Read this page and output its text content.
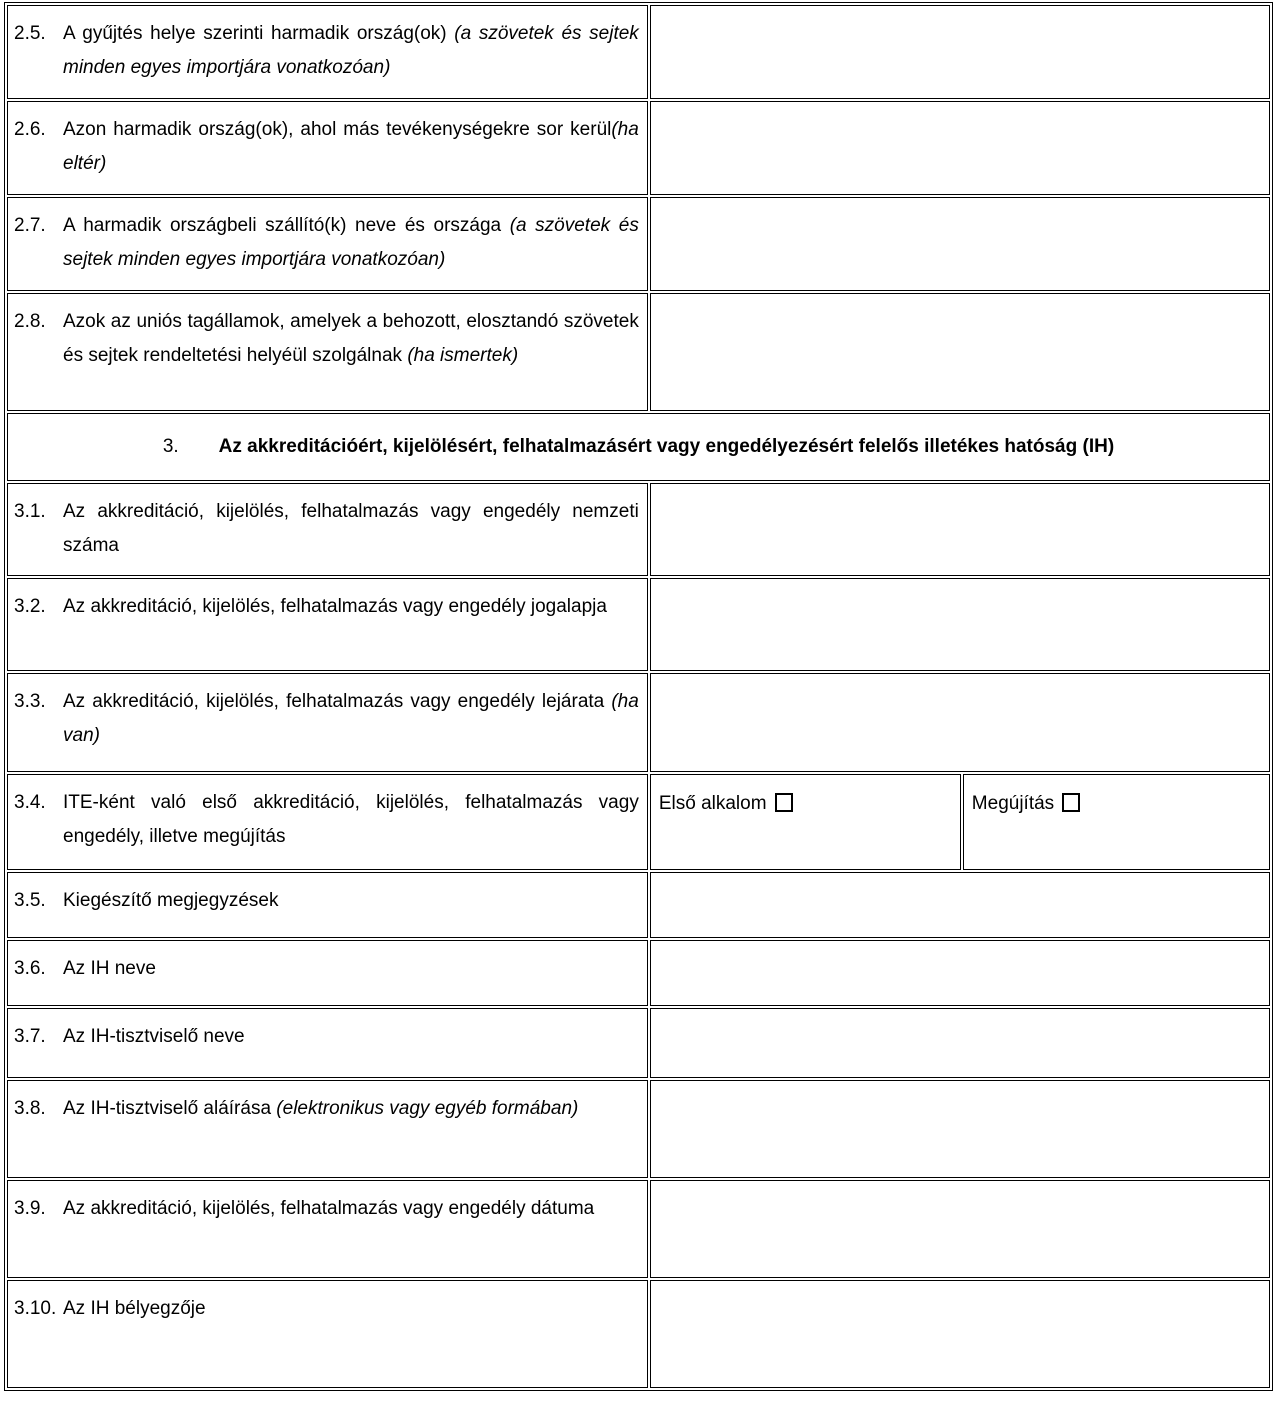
2.5. A gyűjtés helye szerinti harmadik ország(ok) (a szövetek és sejtek minden egyes importjára vonatkozóan)		

2.6. Azon harmadik ország(ok), ahol más tevékenységekre sor kerül(ha eltér)		

2.7. A harmadik országbeli szállító(k) neve és országa (a szövetek és sejtek minden egyes importjára vonatkozóan)		

2.8. Azok az uniós tagállamok, amelyek a behozott, elosztandó szövetek és sejtek rendeltetési helyéül szolgálnak (ha ismertek)		

3. Az akkreditációért, kijelölésért, felhatalmazásért vagy engedélyezésért felelős illetékes hatóság (IH)		

3.1. Az akkreditáció, kijelölés, felhatalmazás vagy engedély nemzeti száma		

3.2. Az akkreditáció, kijelölés, felhatalmazás vagy engedély jogalapja		

3.3. Az akkreditáció, kijelölés, felhatalmazás vagy engedély lejárata (ha van)		

3.4. ITE-ként való első akkreditáció, kijelölés, felhatalmazás vagy engedély, illetve megújítás	Első alkalom	Megújítás

3.5. Kiegészítő megjegyzések		

3.6. Az IH neve		

3.7. Az IH-tisztviselő neve		

3.8. Az IH-tisztviselő aláírása (elektronikus vagy egyéb formában)		

3.9. Az akkreditáció, kijelölés, felhatalmazás vagy engedély dátuma		

3.10. Az IH bélyegzője		
